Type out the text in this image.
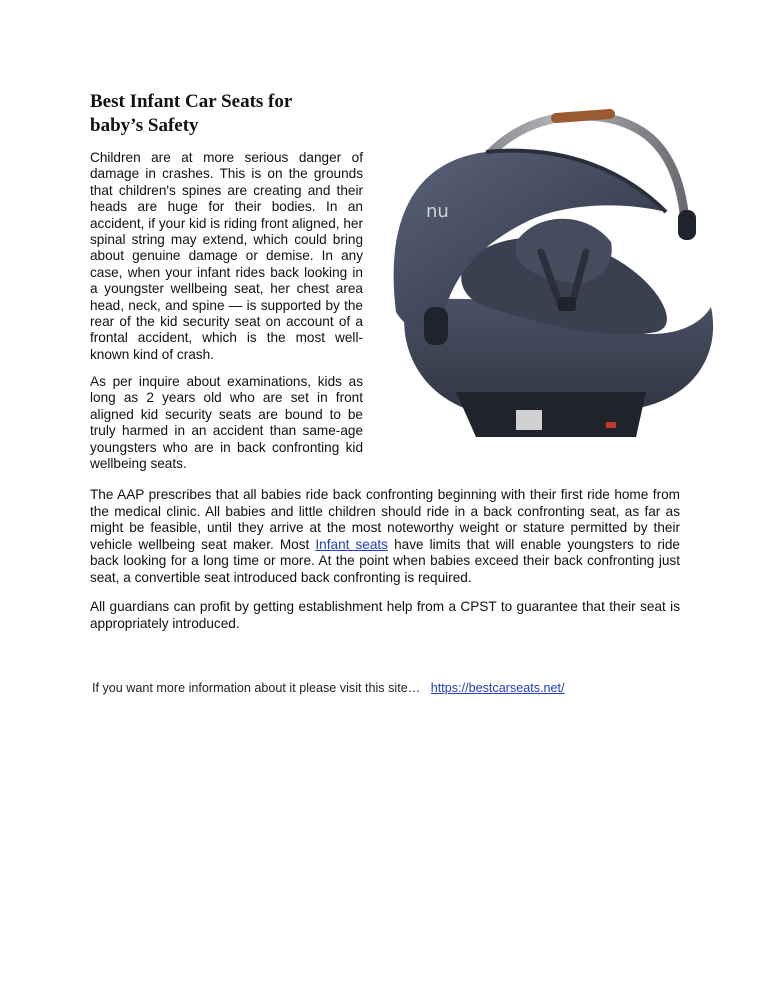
Best Infant Car Seats for
baby’s Safety

Children are at more serious danger of damage in crashes. This is on the grounds that children's spines are creating and their heads are huge for their bodies. In an accident, if your kid is riding front aligned, her spinal string may extend, which could bring about genuine damage or demise. In any case, when your infant rides back looking in a youngster wellbeing seat, her chest area head, neck, and spine — is supported by the rear of the kid security seat on account of a frontal accident, which is the most well-known kind of crash.

As per inquire about examinations, kids as long as 2 years old who are set in front aligned kid security seats are bound to be truly harmed in an accident than same-age youngsters who are in back confronting kid wellbeing seats.

nu

The AAP prescribes that all babies ride back confronting beginning with their first ride home from the medical clinic. All babies and little children should ride in a back confronting seat, as far as might be feasible, until they arrive at the most noteworthy weight or stature permitted by their vehicle wellbeing seat maker. Most Infant seats have limits that will enable youngsters to ride back looking for a long time or more. At the point when babies exceed their back confronting just seat, a convertible seat introduced back confronting is required.

All guardians can profit by getting establishment help from a CPST to guarantee that their seat is appropriately introduced.

If you want more information about it please visit this site… https://bestcarseats.net/
